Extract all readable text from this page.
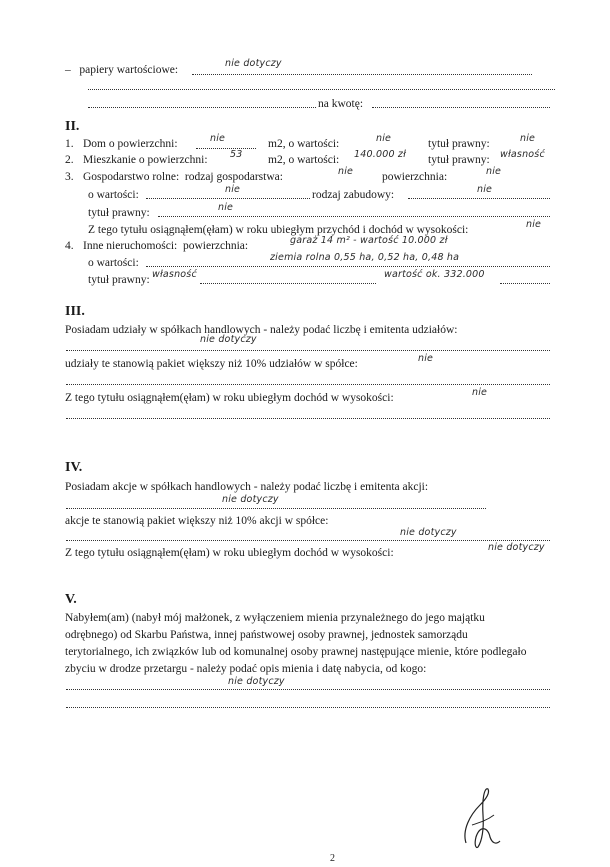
– papiery wartościowe:
nie dotyczy
na kwotę:
II.
1. Dom o powierzchni:	nie	m2, o wartości:	nie	tytuł prawny:	nie
2. Mieszkanie o powierzchni: 53 m2, o wartości: 140.000 zł tytuł prawny: własność
3. Gospodarstwo rolne: rodzaj gospodarstwa:	nie	powierzchnia:	nie
o wartości:	nie	rodzaj zabudowy:	nie
tytuł prawny:	nie
Z tego tytułu osiągnąłem(ęłam) w roku ubiegłym przychód i dochód w wysokości:	nie
4. Inne nieruchomości: powierzchnia:	garaż 14 m² - wartość 10.000 zł
o wartości:	ziemia rolna 0,55 ha, 0,52 ha, 0,48 ha
tytuł prawny: własność	wartość ok. 332.000
III.
Posiadam udziały w spółkach handlowych - należy podać liczbę i emitenta udziałów:
nie dotyczy
udziały te stanowią pakiet większy niż 10% udziałów w spółce:	nie
Z tego tytułu osiągnąłem(ęłam) w roku ubiegłym dochód w wysokości:	nie
IV.
Posiadam akcje w spółkach handlowych - należy podać liczbę i emitenta akcji:
nie dotyczy
akcje te stanowią pakiet większy niż 10% akcji w spółce:
nie dotyczy
Z tego tytułu osiągnąłem(ęłam) w roku ubiegłym dochód w wysokości:	nie dotyczy
V.
Nabyłem(am) (nabył mój małżonek, z wyłączeniem mienia przynależnego do jego majątku
odrębnego) od Skarbu Państwa, innej państwowej osoby prawnej, jednostek samorządu
terytorialnego, ich związków lub od komunalnej osoby prawnej następujące mienie, które podlegało
zbyciu w drodze przetargu - należy podać opis mienia i datę nabycia, od kogo:
nie dotyczy
2
